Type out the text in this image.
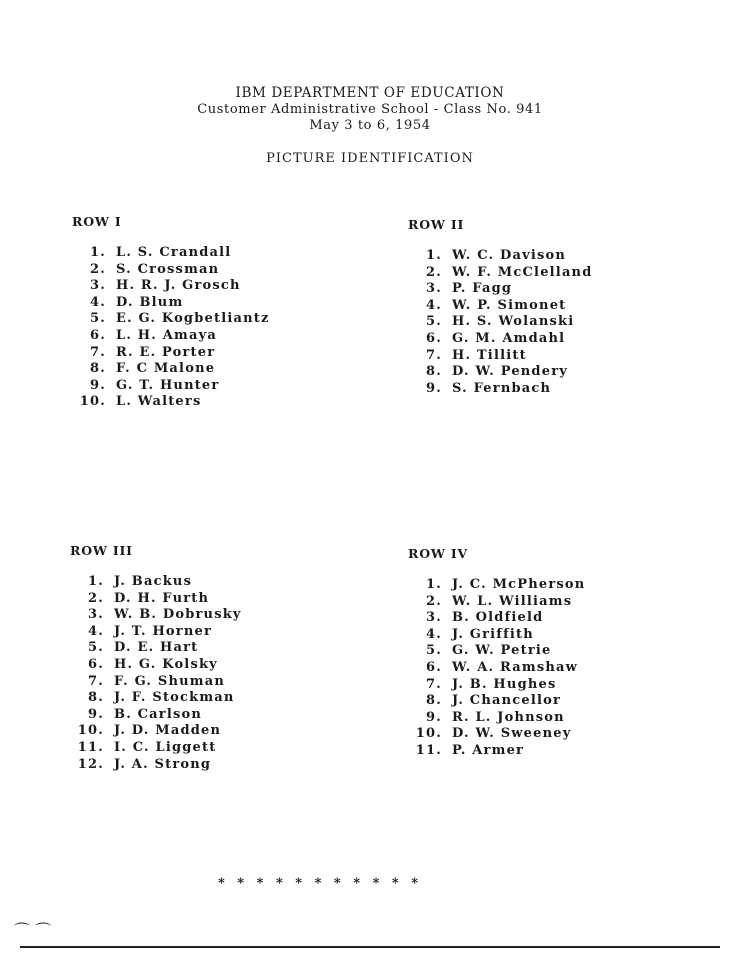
IBM DEPARTMENT OF EDUCATION
Customer Administrative School - Class No. 941
May 3 to 6, 1954
PICTURE IDENTIFICATION
ROW I
1. L. S. Crandall
2. S. Crossman
3. H. R. J. Grosch
4. D. Blum
5. E. G. Kogbetliantz
6. L. H. Amaya
7. R. E. Porter
8. F. C Malone
9. G. T. Hunter
10. L. Walters
ROW II
1. W. C. Davison
2. W. F. McClelland
3. P. Fagg
4. W. P. Simonet
5. H. S. Wolanski
6. G. M. Amdahl
7. H. Tillitt
8. D. W. Pendery
9. S. Fernbach
ROW III
1. J. Backus
2. D. H. Furth
3. W. B. Dobrusky
4. J. T. Horner
5. D. E. Hart
6. H. G. Kolsky
7. F. G. Shuman
8. J. F. Stockman
9. B. Carlson
10. J. D. Madden
11. I. C. Liggett
12. J. A. Strong
ROW IV
1. J. C. McPherson
2. W. L. Williams
3. B. Oldfield
4. J. Griffith
5. G. W. Petrie
6. W. A. Ramshaw
7. J. B. Hughes
8. J. Chancellor
9. R. L. Johnson
10. D. W. Sweeney
11. P. Armer
* * * * * * * * * * *
⌒ ⌒
